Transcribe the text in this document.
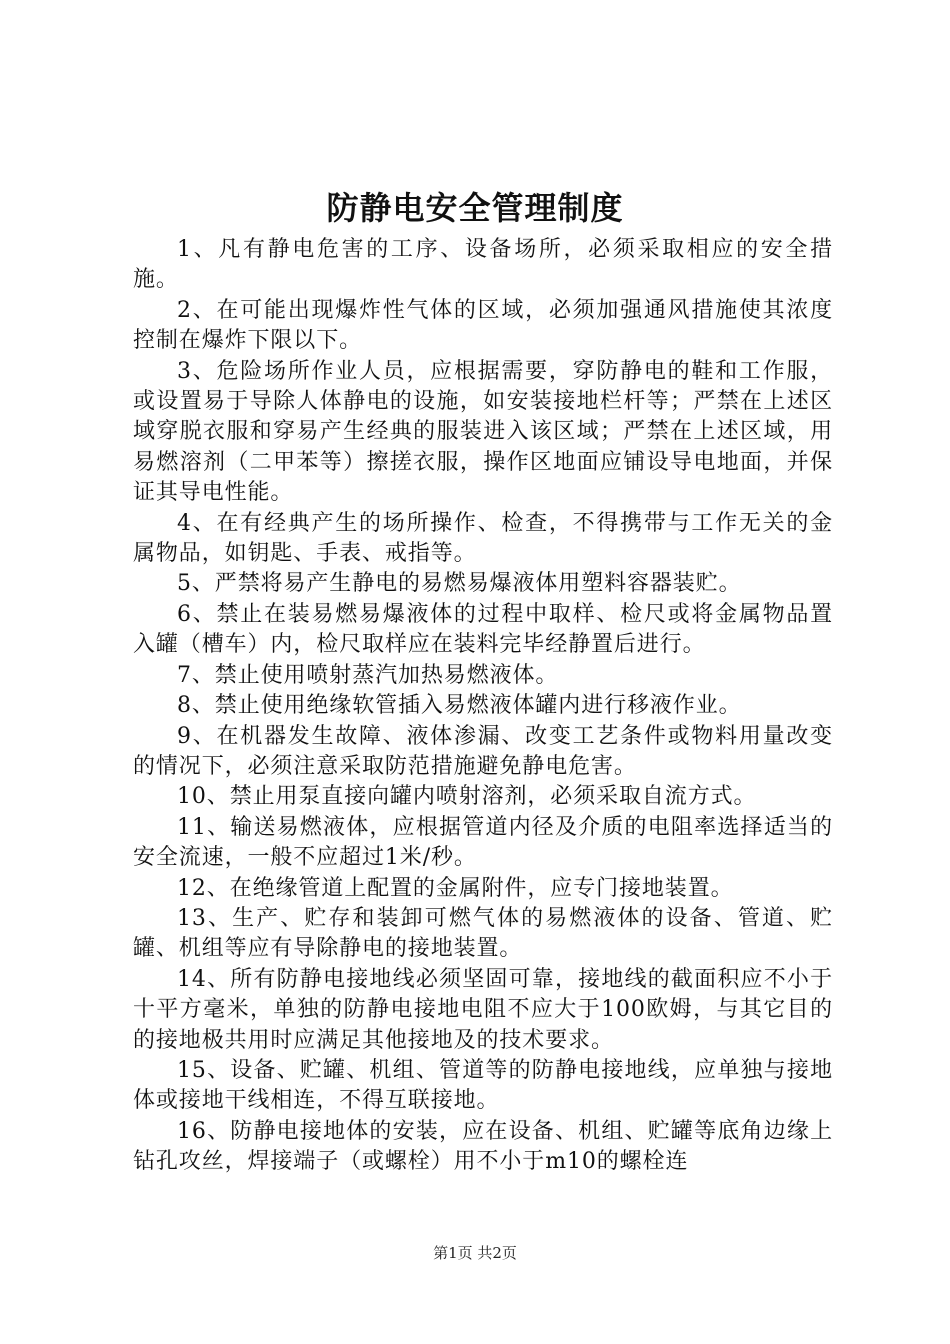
防静电安全管理制度

1、凡有静电危害的工序、设备场所，必须采取相应的安全措施。

2、在可能出现爆炸性气体的区域，必须加强通风措施使其浓度控制在爆炸下限以下。

3、危险场所作业人员，应根据需要，穿防静电的鞋和工作服，或设置易于导除人体静电的设施，如安装接地栏杆等；严禁在上述区域穿脱衣服和穿易产生经典的服装进入该区域；严禁在上述区域，用易燃溶剂（二甲苯等）擦搓衣服，操作区地面应铺设导电地面，并保证其导电性能。

4、在有经典产生的场所操作、检查，不得携带与工作无关的金属物品，如钥匙、手表、戒指等。

5、严禁将易产生静电的易燃易爆液体用塑料容器装贮。

6、禁止在装易燃易爆液体的过程中取样、检尺或将金属物品置入罐（槽车）内，检尺取样应在装料完毕经静置后进行。

7、禁止使用喷射蒸汽加热易燃液体。

8、禁止使用绝缘软管插入易燃液体罐内进行移液作业。

9、在机器发生故障、液体渗漏、改变工艺条件或物料用量改变的情况下，必须注意采取防范措施避免静电危害。

10、禁止用泵直接向罐内喷射溶剂，必须采取自流方式。

11、输送易燃液体，应根据管道内径及介质的电阻率选择适当的安全流速，一般不应超过1米/秒。

12、在绝缘管道上配置的金属附件，应专门接地装置。

13、生产、贮存和装卸可燃气体的易燃液体的设备、管道、贮罐、机组等应有导除静电的接地装置。

14、所有防静电接地线必须坚固可靠，接地线的截面积应不小于十平方毫米，单独的防静电接地电阻不应大于100欧姆，与其它目的的接地极共用时应满足其他接地及的技术要求。

15、设备、贮罐、机组、管道等的防静电接地线，应单独与接地体或接地干线相连，不得互联接地。

16、防静电接地体的安装，应在设备、机组、贮罐等底角边缘上钻孔攻丝，焊接端子（或螺栓）用不小于m10的螺栓连

第1页 共2页
